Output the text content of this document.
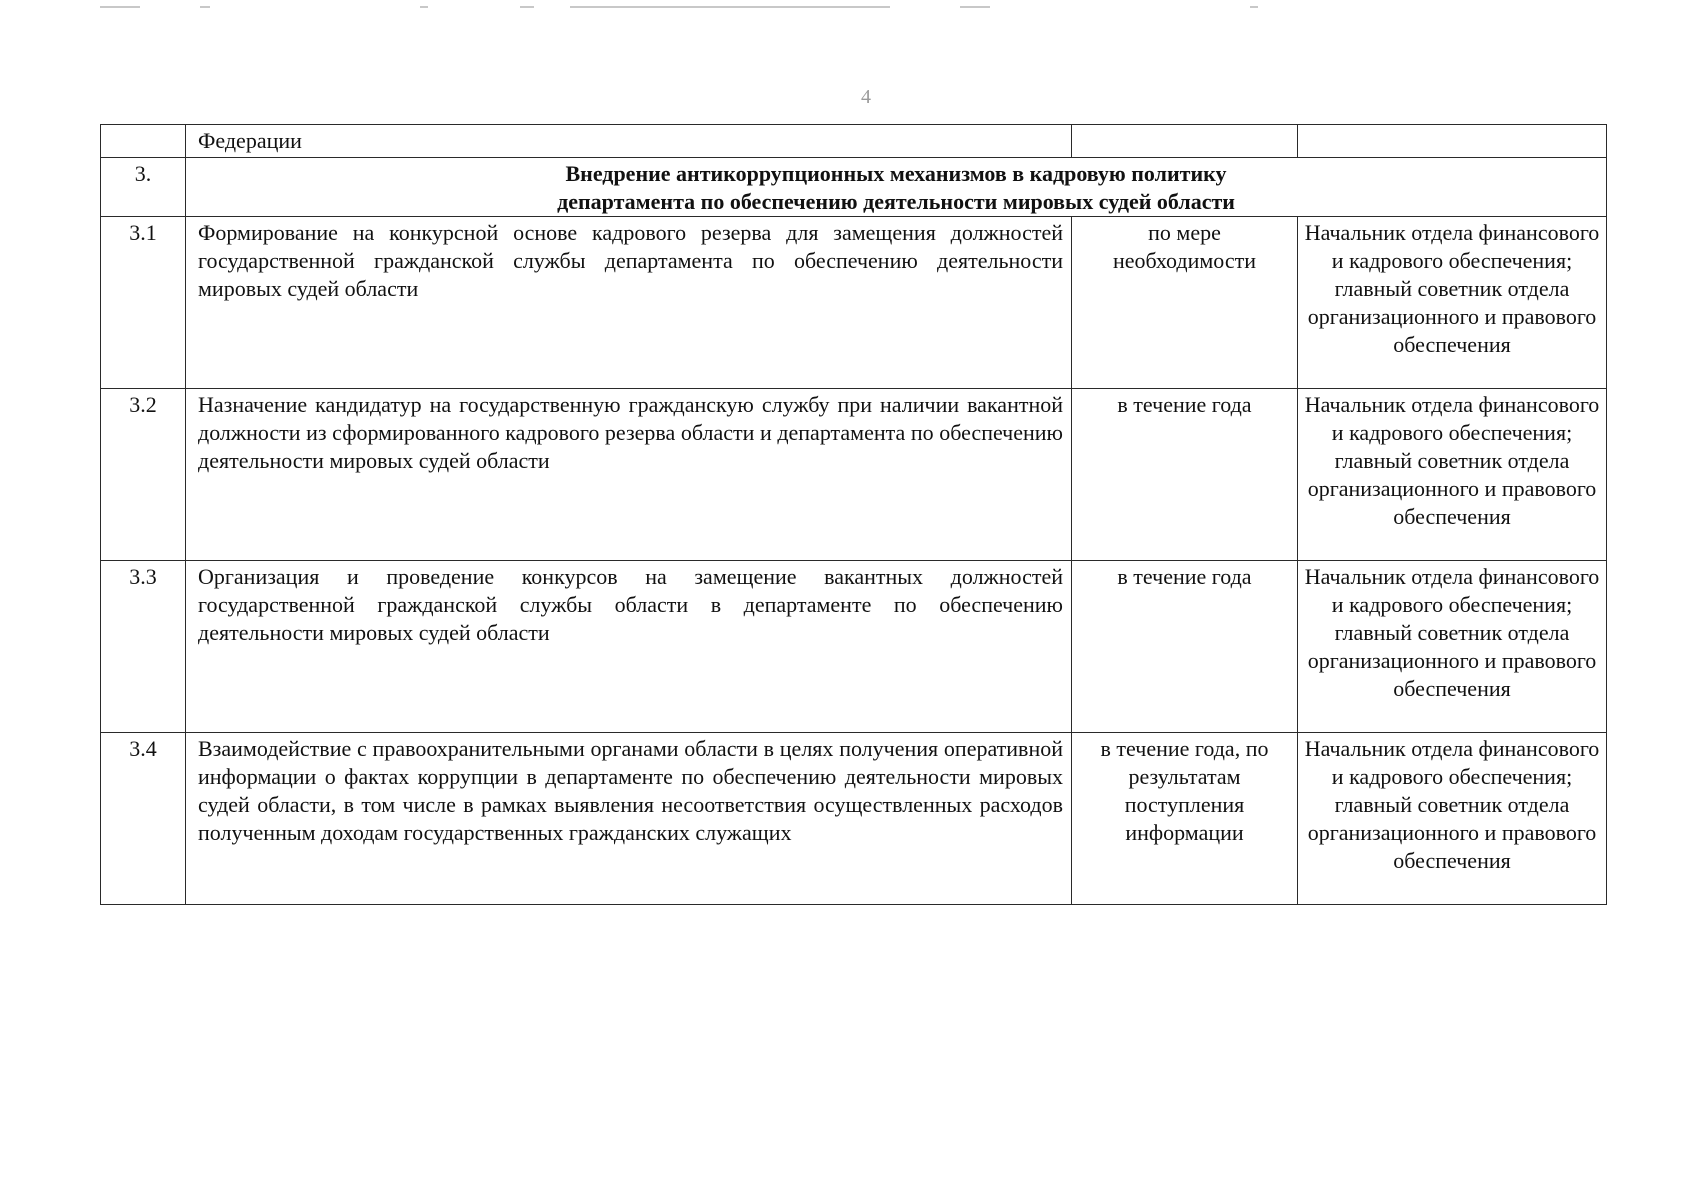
4
	Федерации		
3.	Внедрение антикоррупционных механизмов в кадровую политику
департамента по обеспечению деятельности мировых судей области		

3.1	Формирование на конкурсной основе кадрового резерва для замещения должностей государственной гражданской службы департамента по обеспечению деятельности мировых судей области	по мере необходимости	Начальник отдела финансового и кадрового обеспечения; главный советник отдела организационного и правового обеспечения
3.2	Назначение кандидатур на государственную гражданскую службу при наличии вакантной должности из сформированного кадрового резерва области и департамента по обеспечению деятельности мировых судей области	в течение года	Начальник отдела финансового и кадрового обеспечения; главный советник отдела организационного и правового обеспечения
3.3	Организация и проведение конкурсов на замещение вакантных должностей государственной гражданской службы области в департаменте по обеспечению деятельности мировых судей области	в течение года	Начальник отдела финансового и кадрового обеспечения; главный советник отдела организационного и правового обеспечения
3.4	Взаимодействие с правоохранительными органами области в целях получения оперативной информации о фактах коррупции в департаменте по обеспечению деятельности мировых судей области, в том числе в рамках выявления несоответствия осуществленных расходов полученным доходам государственных гражданских служащих	в течение года, по результатам поступления информации	Начальник отдела финансового и кадрового обеспечения; главный советник отдела организационного и правового обеспечения
